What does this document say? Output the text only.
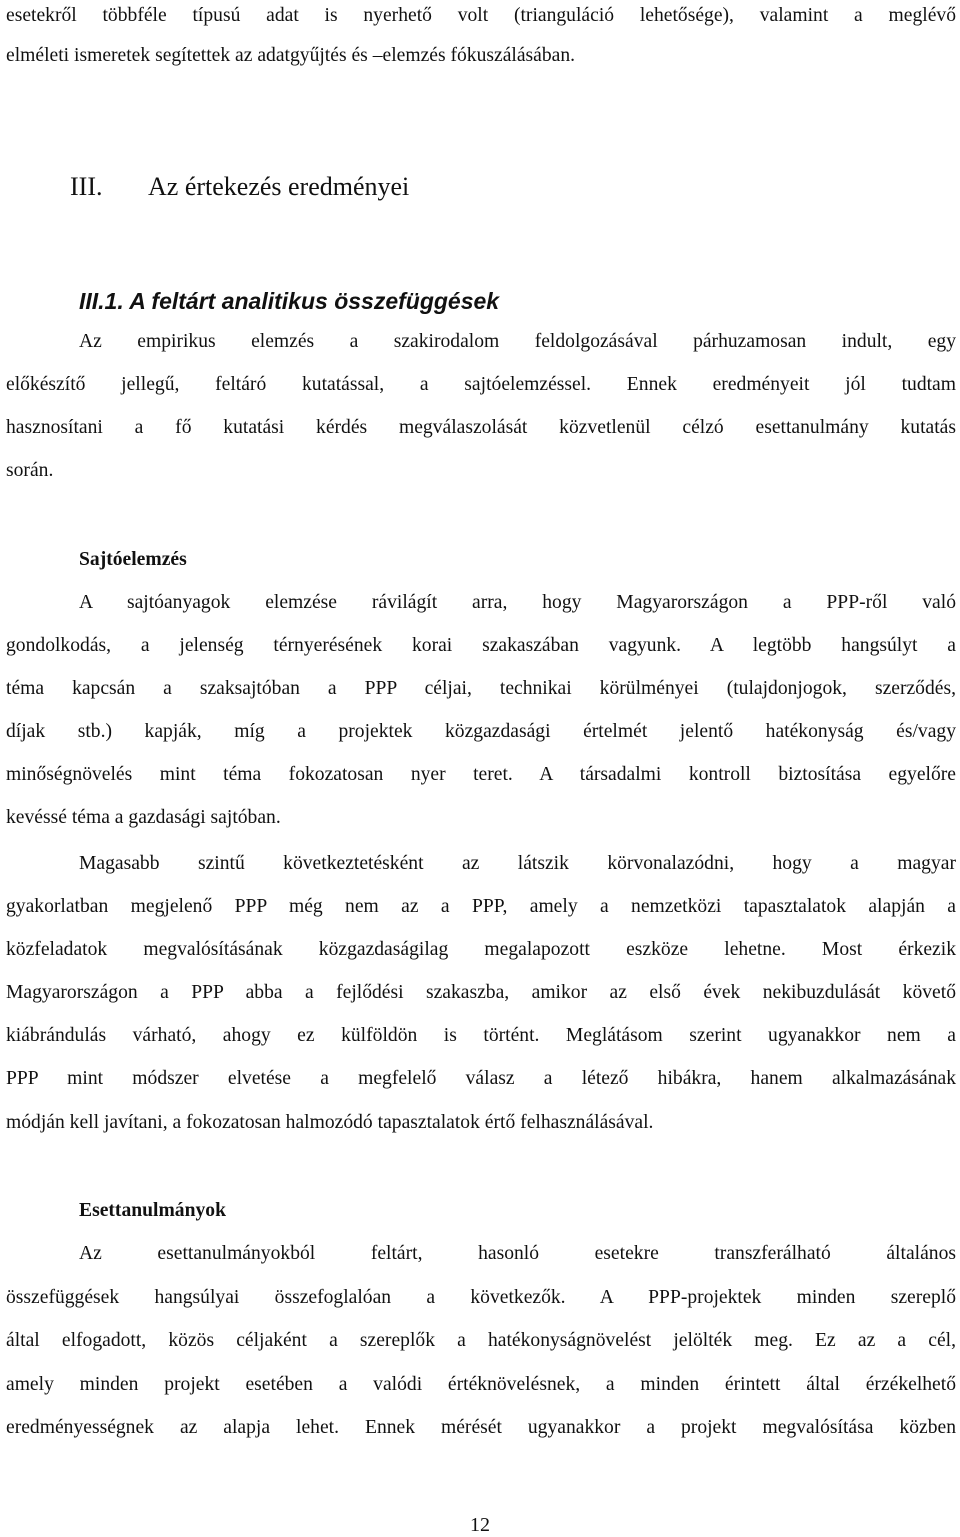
esetekről többféle típusú adat is nyerhető volt (trianguláció lehetősége), valamint a meglévő
elméleti ismeretek segítettek az adatgyűjtés és –elemzés fókuszálásában.
III. Az értekezés eredményei
III.1. A feltárt analitikus összefüggések
Az empirikus elemzés a szakirodalom feldolgozásával párhuzamosan indult, egy
előkészítő jellegű, feltáró kutatással, a sajtóelemzéssel. Ennek eredményeit jól tudtam
hasznosítani a fő kutatási kérdés megválaszolását közvetlenül célzó esettanulmány kutatás
során.
Sajtóelemzés
A sajtóanyagok elemzése rávilágít arra, hogy Magyarországon a PPP-ről való
gondolkodás, a jelenség térnyerésének korai szakaszában vagyunk. A legtöbb hangsúlyt a
téma kapcsán a szaksajtóban a PPP céljai, technikai körülményei (tulajdonjogok, szerződés,
díjak stb.) kapják, míg a projektek közgazdasági értelmét jelentő hatékonyság és/vagy
minőségnövelés mint téma fokozatosan nyer teret. A társadalmi kontroll biztosítása egyelőre
kevéssé téma a gazdasági sajtóban.
Magasabb szintű következtetésként az látszik körvonalazódni, hogy a magyar
gyakorlatban megjelenő PPP még nem az a PPP, amely a nemzetközi tapasztalatok alapján a
közfeladatok megvalósításának közgazdaságilag megalapozott eszköze lehetne. Most érkezik
Magyarországon a PPP abba a fejlődési szakaszba, amikor az első évek nekibuzdulását követő
kiábrándulás várható, ahogy ez külföldön is történt. Meglátásom szerint ugyanakkor nem a
PPP mint módszer elvetése a megfelelő válasz a létező hibákra, hanem alkalmazásának
módján kell javítani, a fokozatosan halmozódó tapasztalatok értő felhasználásával.
Esettanulmányok
Az esettanulmányokból feltárt, hasonló esetekre transzferálható általános
összefüggések hangsúlyai összefoglalóan a következők. A PPP-projektek minden szereplő
által elfogadott, közös céljaként a szereplők a hatékonyságnövelést jelölték meg. Ez az a cél,
amely minden projekt esetében a valódi értéknövelésnek, a minden érintett által érzékelhető
eredményességnek az alapja lehet. Ennek mérését ugyanakkor a projekt megvalósítása közben
12
